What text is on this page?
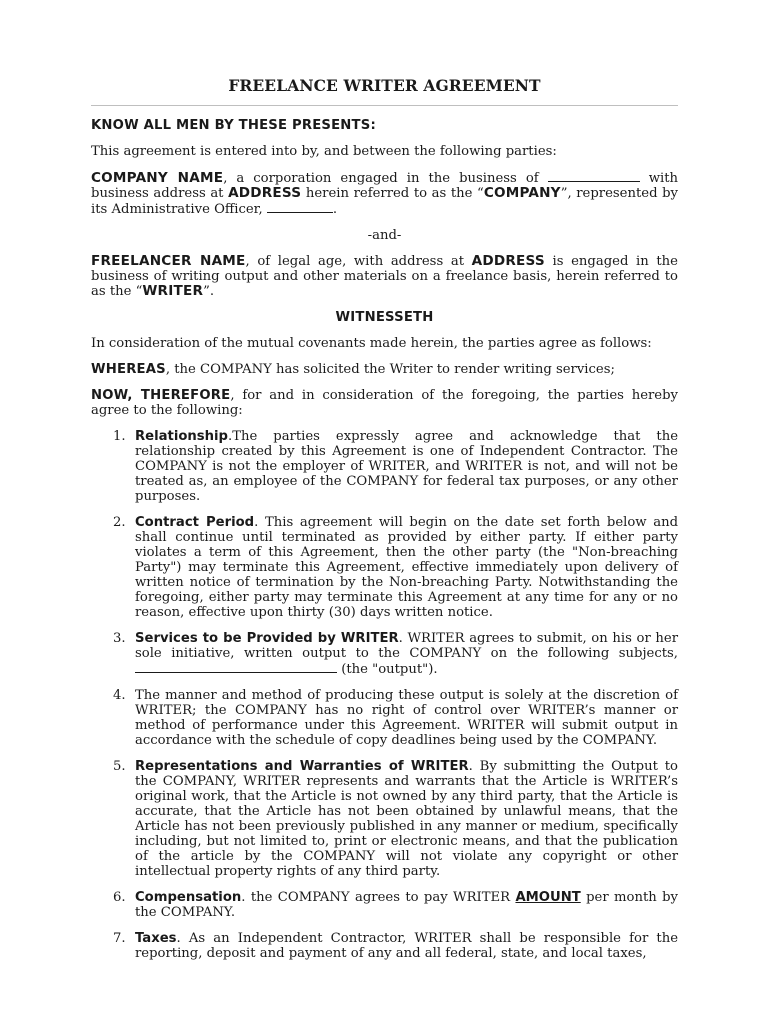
FREELANCE WRITER AGREEMENT

KNOW ALL MEN BY THESE PRESENTS:

This agreement is entered into by, and between the following parties:

COMPANY NAME, a corporation engaged in the business of	with business address at ADDRESS herein referred to as the “COMPANY”, represented by its Administrative Officer,	.

-and-

FREELANCER NAME, of legal age, with address at ADDRESS is engaged in the business of writing output and other materials on a freelance basis, herein referred to as the “WRITER”.

WITNESSETH

In consideration of the mutual covenants made herein, the parties agree as follows:

WHEREAS, the COMPANY has solicited the Writer to render writing services;

NOW, THEREFORE, for and in consideration of the foregoing, the parties hereby agree to the following:

1. Relationship.The parties expressly agree and acknowledge that the relationship created by this Agreement is one of Independent Contractor. The COMPANY is not the employer of WRITER, and WRITER is not, and will not be treated as, an employee of the COMPANY for federal tax purposes, or any other purposes.
2. Contract Period. This agreement will begin on the date set forth below and shall continue until terminated as provided by either party. If either party violates a term of this Agreement, then the other party (the "Non-breaching Party") may terminate this Agreement, effective immediately upon delivery of written notice of termination by the Non-breaching Party. Notwithstanding the foregoing, either party may terminate this Agreement at any time for any or no reason, effective upon thirty (30) days written notice.
3. Services to be Provided by WRITER. WRITER agrees to submit, on his or her sole initiative, written output to the COMPANY on the following subjects,  (the "output").
4. The manner and method of producing these output is solely at the discretion of WRITER; the COMPANY has no right of control over WRITER’s manner or method of performance under this Agreement. WRITER will submit output in accordance with the schedule of copy deadlines being used by the COMPANY.
5. Representations and Warranties of WRITER. By submitting the Output to the COMPANY, WRITER represents and warrants that the Article is WRITER’s original work, that the Article is not owned by any third party, that the Article is accurate, that the Article has not been obtained by unlawful means, that the Article has not been previously published in any manner or medium, specifically including, but not limited to, print or electronic means, and that the publication of the article by the COMPANY will not violate any copyright or other intellectual property rights of any third party.
6. Compensation. the COMPANY agrees to pay WRITER AMOUNT per month by the COMPANY.
7. Taxes. As an Independent Contractor, WRITER shall be responsible for the reporting, deposit and payment of any and all federal, state, and local taxes,
